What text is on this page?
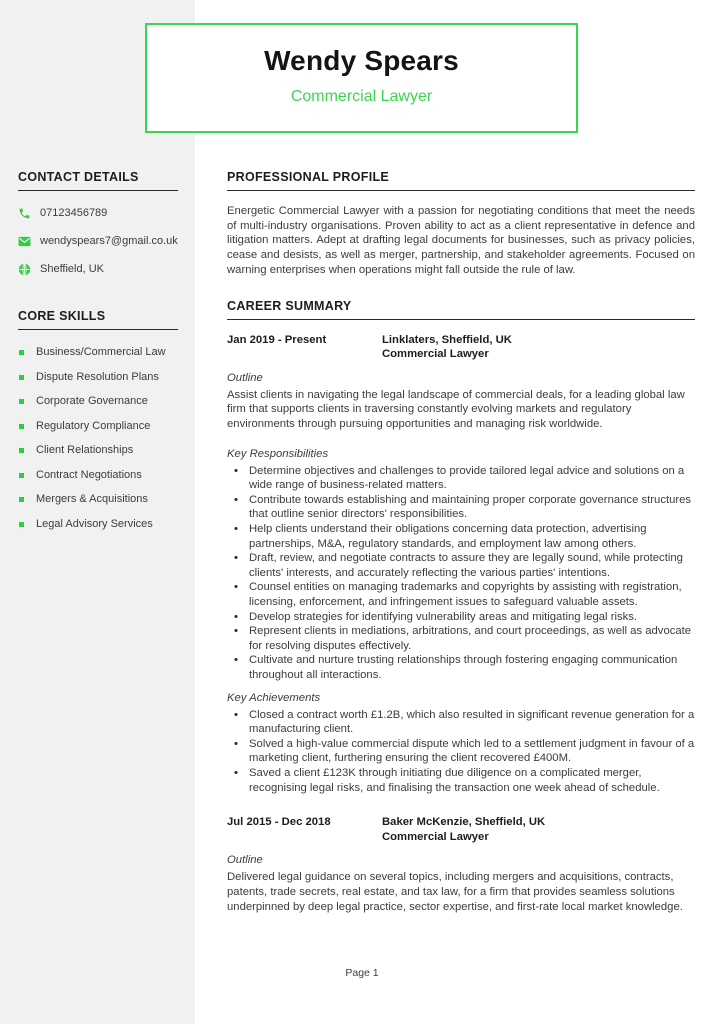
Wendy Spears
Commercial Lawyer
CONTACT DETAILS
07123456789
wendyspears7@gmail.co.uk
Sheffield, UK
CORE SKILLS
Business/Commercial Law
Dispute Resolution Plans
Corporate Governance
Regulatory Compliance
Client Relationships
Contract Negotiations
Mergers & Acquisitions
Legal Advisory Services
PROFESSIONAL PROFILE

Energetic Commercial Lawyer with a passion for negotiating conditions that meet the needs of multi-industry organisations. Proven ability to act as a client representative in defence and litigation matters. Adept at drafting legal documents for businesses, such as privacy policies, cease and desists, as well as merger, partnership, and stakeholder agreements. Focused on warning enterprises when operations might fall outside the rule of law.

CAREER SUMMARY
Jan 2019 - Present	Linklaters, Sheffield, UK
Commercial Lawyer

Outline

Assist clients in navigating the legal landscape of commercial deals, for a leading global law firm that supports clients in traversing constantly evolving markets and regulatory environments through pursuing opportunities and managing risk worldwide.

Key Responsibilities

• Determine objectives and challenges to provide tailored legal advice and solutions on a wide range of business-related matters.
• Contribute towards establishing and maintaining proper corporate governance structures that outline senior directors' responsibilities.
• Help clients understand their obligations concerning data protection, advertising partnerships, M&A, regulatory standards, and employment law among others.
• Draft, review, and negotiate contracts to assure they are legally sound, while protecting clients' interests, and accurately reflecting the various parties' intentions.
• Counsel entities on managing trademarks and copyrights by assisting with registration, licensing, enforcement, and infringement issues to safeguard valuable assets.
• Develop strategies for identifying vulnerability areas and mitigating legal risks.
• Represent clients in mediations, arbitrations, and court proceedings, as well as advocate for resolving disputes effectively.
• Cultivate and nurture trusting relationships through fostering engaging communication throughout all interactions.

Key Achievements

• Closed a contract worth £1.2B, which also resulted in significant revenue generation for a manufacturing client.
• Solved a high-value commercial dispute which led to a settlement judgment in favour of a marketing client, furthering ensuring the client recovered £400M.
• Saved a client £123K through initiating due diligence on a complicated merger, recognising legal risks, and finalising the transaction one week ahead of schedule.
Jul 2015 - Dec 2018	Baker McKenzie, Sheffield, UK
Commercial Lawyer

Outline

Delivered legal guidance on several topics, including mergers and acquisitions, contracts, patents, trade secrets, real estate, and tax law, for a firm that provides seamless solutions underpinned by deep legal practice, sector expertise, and first-rate local market knowledge.

Page 1
